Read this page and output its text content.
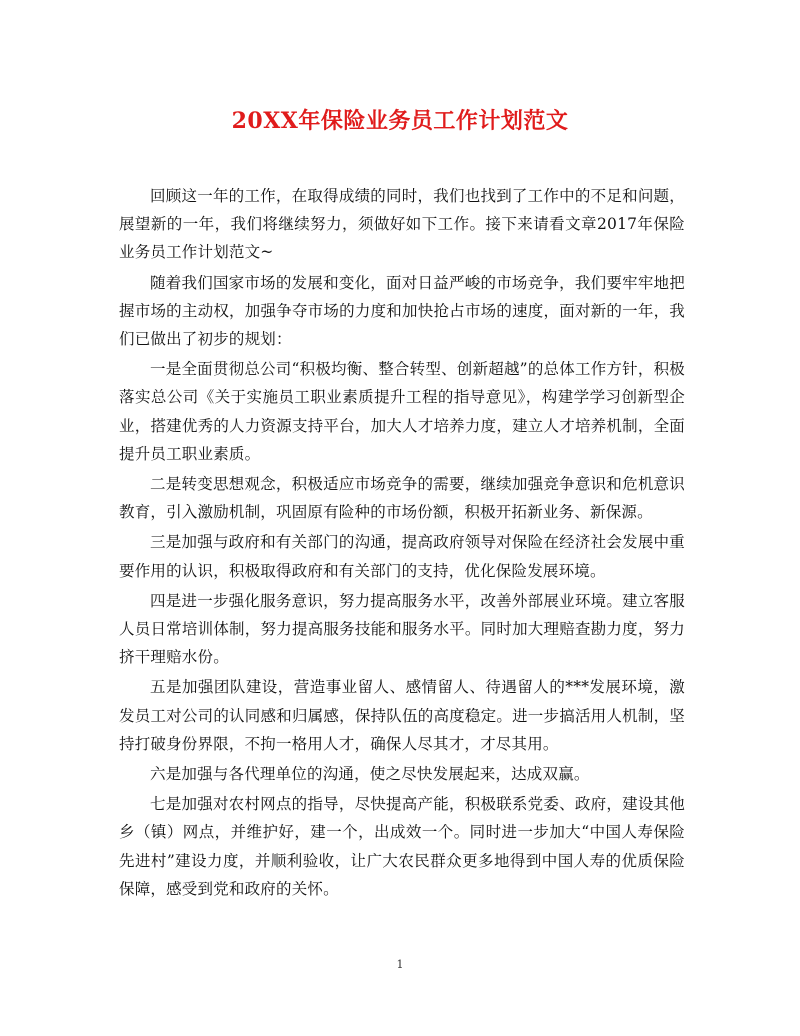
20XX年保险业务员工作计划范文

回顾这一年的工作，在取得成绩的同时，我们也找到了工作中的不足和问题，展望新的一年，我们将继续努力，须做好如下工作。接下来请看文章2017年保险业务员工作计划范文~

随着我们国家市场的发展和变化，面对日益严峻的市场竞争，我们要牢牢地把握市场的主动权，加强争夺市场的力度和加快抢占市场的速度，面对新的一年，我们已做出了初步的规划：

一是全面贯彻总公司“积极均衡、整合转型、创新超越”的总体工作方针，积极落实总公司《关于实施员工职业素质提升工程的指导意见》，构建学学习创新型企业，搭建优秀的人力资源支持平台，加大人才培养力度，建立人才培养机制，全面提升员工职业素质。

二是转变思想观念，积极适应市场竞争的需要，继续加强竞争意识和危机意识教育，引入激励机制，巩固原有险种的市场份额，积极开拓新业务、新保源。

三是加强与政府和有关部门的沟通，提高政府领导对保险在经济社会发展中重要作用的认识，积极取得政府和有关部门的支持，优化保险发展环境。

四是进一步强化服务意识，努力提高服务水平，改善外部展业环境。建立客服人员日常培训体制，努力提高服务技能和服务水平。同时加大理赔查勘力度，努力挤干理赔水份。

五是加强团队建设，营造事业留人、感情留人、待遇留人的***发展环境，激发员工对公司的认同感和归属感，保持队伍的高度稳定。进一步搞活用人机制，坚持打破身份界限，不拘一格用人才，确保人尽其才，才尽其用。

六是加强与各代理单位的沟通，使之尽快发展起来，达成双赢。

七是加强对农村网点的指导，尽快提高产能，积极联系党委、政府，建设其他乡（镇）网点，并维护好，建一个，出成效一个。同时进一步加大“中国人寿保险先进村”建设力度，并顺利验收，让广大农民群众更多地得到中国人寿的优质保险保障，感受到党和政府的关怀。

1
